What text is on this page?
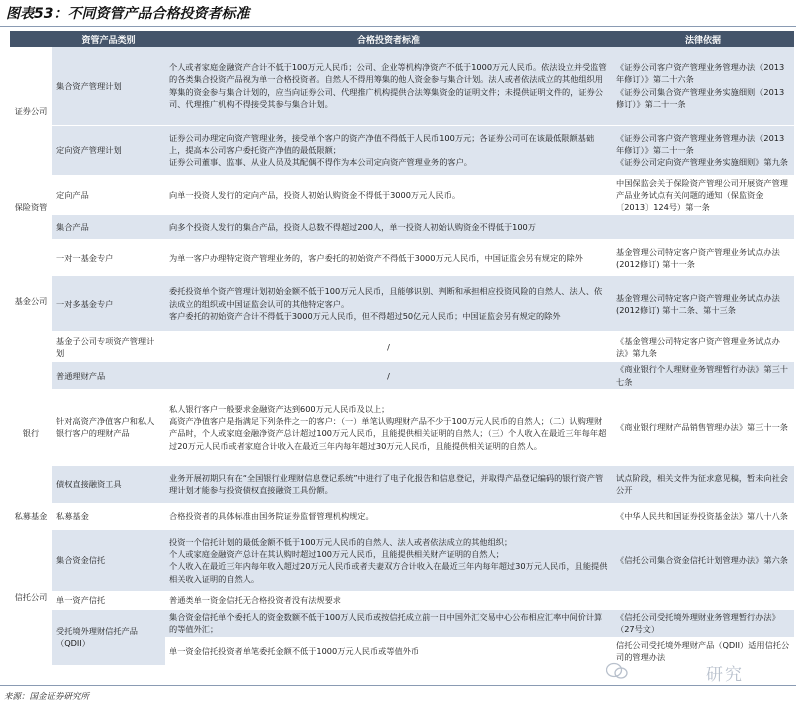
图表53：不同资管产品合格投资者标准
	资管产品类别	合格投资者标准	法律依据
证券公司	集合资产管理计划	个人或者家庭金融资产合计不低于100万元人民币；公司、企业等机构净资产不低于1000万元人民币。依法设立并受监管的各类集合投资产品视为单一合格投资者。自然人不得用筹集的他人资金参与集合计划。法人或者依法成立的其他组织用筹集的资金参与集合计划的，应当向证券公司、代理推广机构提供合法筹集资金的证明文件；未提供证明文件的，证券公司、代理推广机构不得接受其参与集合计划。	《证券公司客户资产管理业务管理办法（2013年修订）》第二十六条
《证券公司集合资产管理业务实施细则（2013修订）》第二十一条
	定向资产管理计划	证券公司办理定向资产管理业务，接受单个客户的资产净值不得低于人民币100万元；各证券公司可在该最低限额基础上，提高本公司客户委托资产净值的最低限额；
证券公司董事、监事、从业人员及其配偶不得作为本公司定向资产管理业务的客户。	《证券公司客户资产管理业务管理办法（2013年修订）》第二十一条
《证券公司定向资产管理业务实施细则》第九条
保险资管	定向产品	向单一投资人发行的定向产品，投资人初始认购资金不得低于3000万元人民币。	中国保监会关于保险资产管理公司开展资产管理产品业务试点有关问题的通知（保监资金〔2013〕124号）第一条
	集合产品	向多个投资人发行的集合产品，投资人总数不得超过200人，单一投资人初始认购资金不得低于100万	
基金公司	一对一基金专户	为单一客户办理特定资产管理业务的，客户委托的初始资产不得低于3000万元人民币，中国证监会另有规定的除外	基金管理公司特定客户资产管理业务试点办法(2012修订) 第十一条
	一对多基金专户	委托投资单个资产管理计划初始金额不低于100万元人民币，且能够识别、判断和承担相应投资风险的自然人、法人、依法成立的组织或中国证监会认可的其他特定客户。
客户委托的初始资产合计不得低于3000万元人民币，但不得超过50亿元人民币；中国证监会另有规定的除外	基金管理公司特定客户资产管理业务试点办法(2012修订) 第十二条、第十三条
	基金子公司专项资产管理计划	/	《基金管理公司特定客户资产管理业务试点办法》第九条
银行	普通理财产品	/	《商业银行个人理财业务管理暂行办法》第三十七条
	针对高资产净值客户和私人银行客户的理财产品	私人银行客户一般要求金融资产达到600万元人民币及以上；
高资产净值客户是指满足下列条件之一的客户：（一）单笔认购理财产品不少于100万元人民币的自然人；（二）认购理财产品时，个人或家庭金融净资产总计超过100万元人民币，且能提供相关证明的自然人；（三）个人收入在最近三年每年超过20万元人民币或者家庭合计收入在最近三年内每年超过30万元人民币，且能提供相关证明的自然人。	《商业银行理财产品销售管理办法》第三十一条
	债权直接融资工具	业务开展初期只有在“全国银行业理财信息登记系统”中进行了电子化报告和信息登记，并取得产品登记编码的银行资产管理计划才能参与投资债权直接融资工具份额。	试点阶段，相关文件为征求意见稿，暂未向社会公开
私募基金	私募基金	合格投资者的具体标准由国务院证券监督管理机构规定。	《中华人民共和国证券投资基金法》第八十八条
信托公司	集合资金信托	投资一个信托计划的最低金额不低于100万元人民币的自然人、法人或者依法成立的其他组织；
个人或家庭金融资产总计在其认购时超过100万元人民币，且能提供相关财产证明的自然人；
个人收入在最近三年内每年收入超过20万元人民币或者夫妻双方合计收入在最近三年内每年超过30万元人民币，且能提供相关收入证明的自然人。	《信托公司集合资金信托计划管理办法》第六条
	单一资产信托	普通类单一资金信托无合格投资者没有法规要求	
	受托境外理财信托产品（QDII）	集合资金信托单个委托人的资金数额不低于100万人民币或按信托成立前一日中国外汇交易中心公布相应汇率中间价计算的等值外汇；	《信托公司受托境外理财业务管理暂行办法》（27号文）
		单一资金信托投资者单笔委托金额不低于1000万元人民币或等值外币	信托公司受托境外理财产品（QDII）适用信托公司的管理办法
研究
来源：国金证券研究所
